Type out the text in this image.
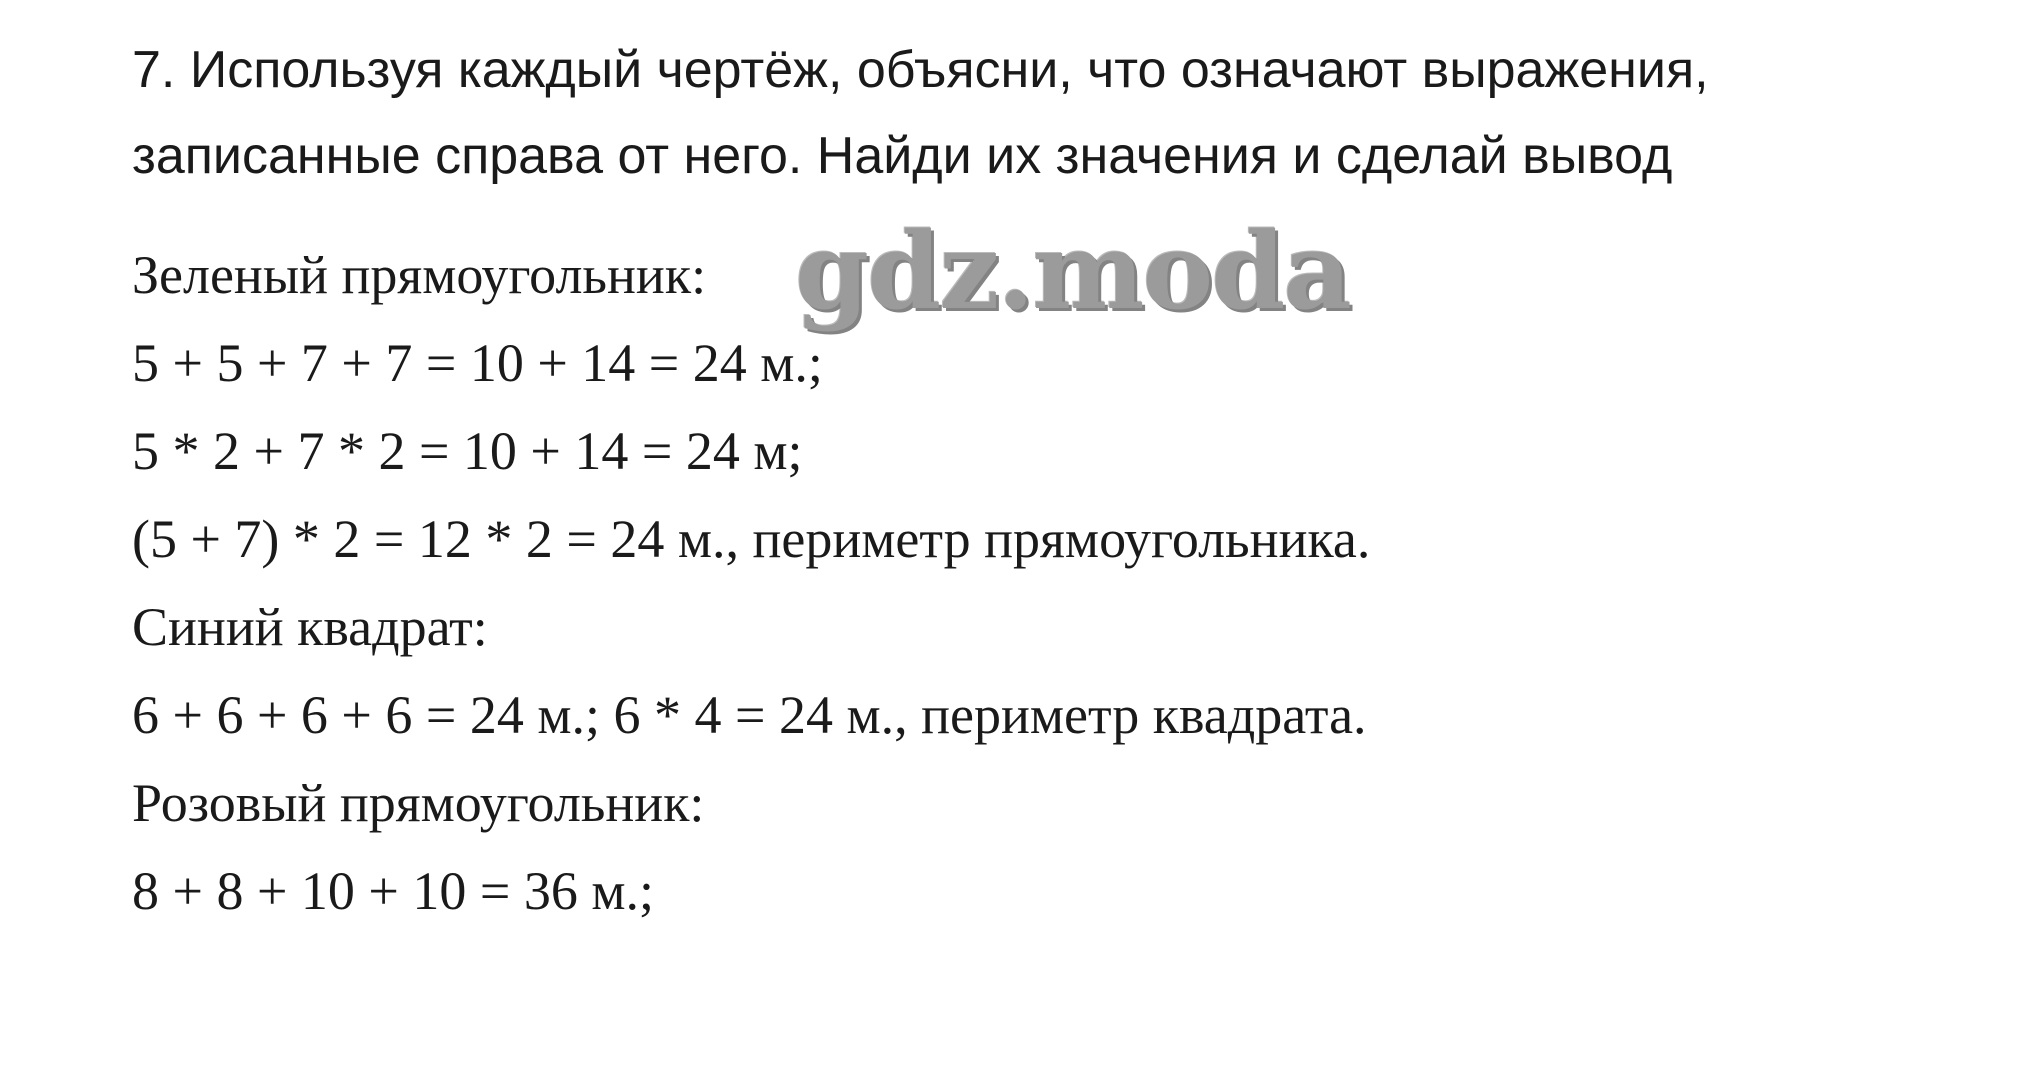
7. Используя каждый чертёж, объясни, что означают выражения,
записанные справа от него. Найди их значения и сделай вывод
Зеленый прямоугольник:
5 + 5 + 7 + 7 = 10 + 14 = 24 м.;
5 * 2 + 7 * 2 = 10 + 14 = 24 м;
(5 + 7) * 2 = 12 * 2 = 24 м., периметр прямоугольника.
Синий квадрат:
6 + 6 + 6 + 6 = 24 м.; 6 * 4 = 24 м., периметр квадрата.
Розовый прямоугольник:
8 + 8 + 10 + 10 = 36 м.;
gdz.moda
